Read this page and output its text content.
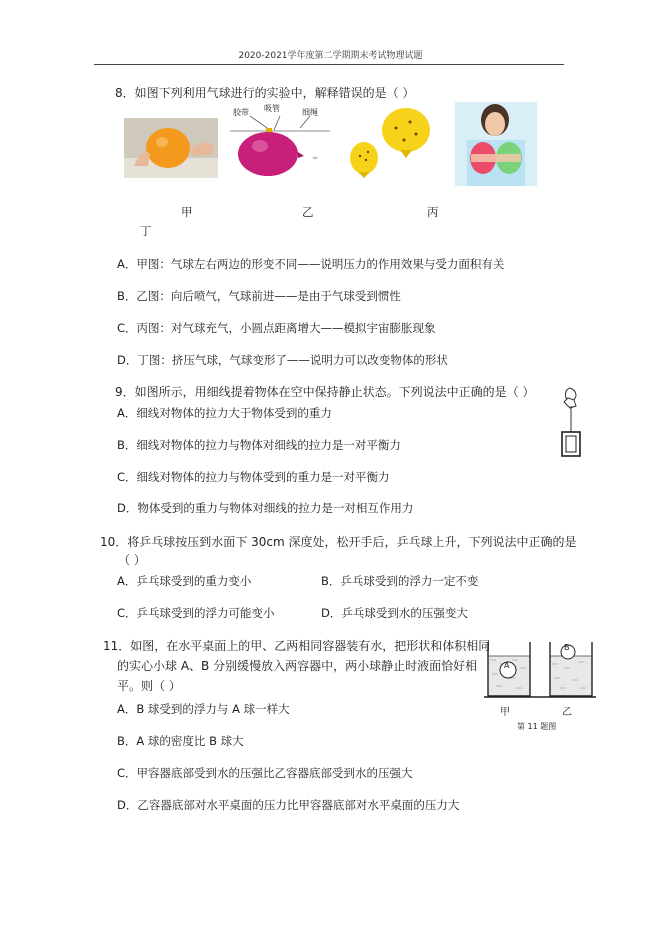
2020-2021学年度第二学期期末考试物理试题
8．如图下列利用气球进行的实验中，解释错误的是（ ）
≈
胶带 吸管	细绳
甲	乙	丙
丁
A．甲图：气球左右两边的形变不同——说明压力的作用效果与受力面积有关
B．乙图：向后喷气，气球前进——是由于气球受到惯性
C．丙图：对气球充气，小圆点距离增大——模拟宇宙膨胀现象
D．丁图：挤压气球，气球变形了——说明力可以改变物体的形状
9．如图所示，用细线提着物体在空中保持静止状态。下列说法中正确的是（ ）
A．细线对物体的拉力大于物体受到的重力
B．细线对物体的拉力与物体对细线的拉力是一对平衡力
C．细线对物体的拉力与物体受到的重力是一对平衡力
D．物体受到的重力与物体对细线的拉力是一对相互作用力
10．将乒乓球按压到水面下 30cm 深度处，松开手后，乒乓球上升，下列说法中正确的是
（ ）
A．乒乓球受到的重力变小	B．乒乓球受到的浮力一定不变
C．乒乓球受到的浮力可能变小	D．乒乓球受到水的压强变大
11．如图，在水平桌面上的甲、乙两相同容器装有水，把形状和体积相同
的实心小球 A、B 分别缓慢放入两容器中，两小球静止时液面恰好相
平。则（ ）
A
B
甲	乙
第 11 题图
A．B 球受到的浮力与 A 球一样大
B．A 球的密度比 B 球大
C．甲容器底部受到水的压强比乙容器底部受到水的压强大
D．乙容器底部对水平桌面的压力比甲容器底部对水平桌面的压力大
